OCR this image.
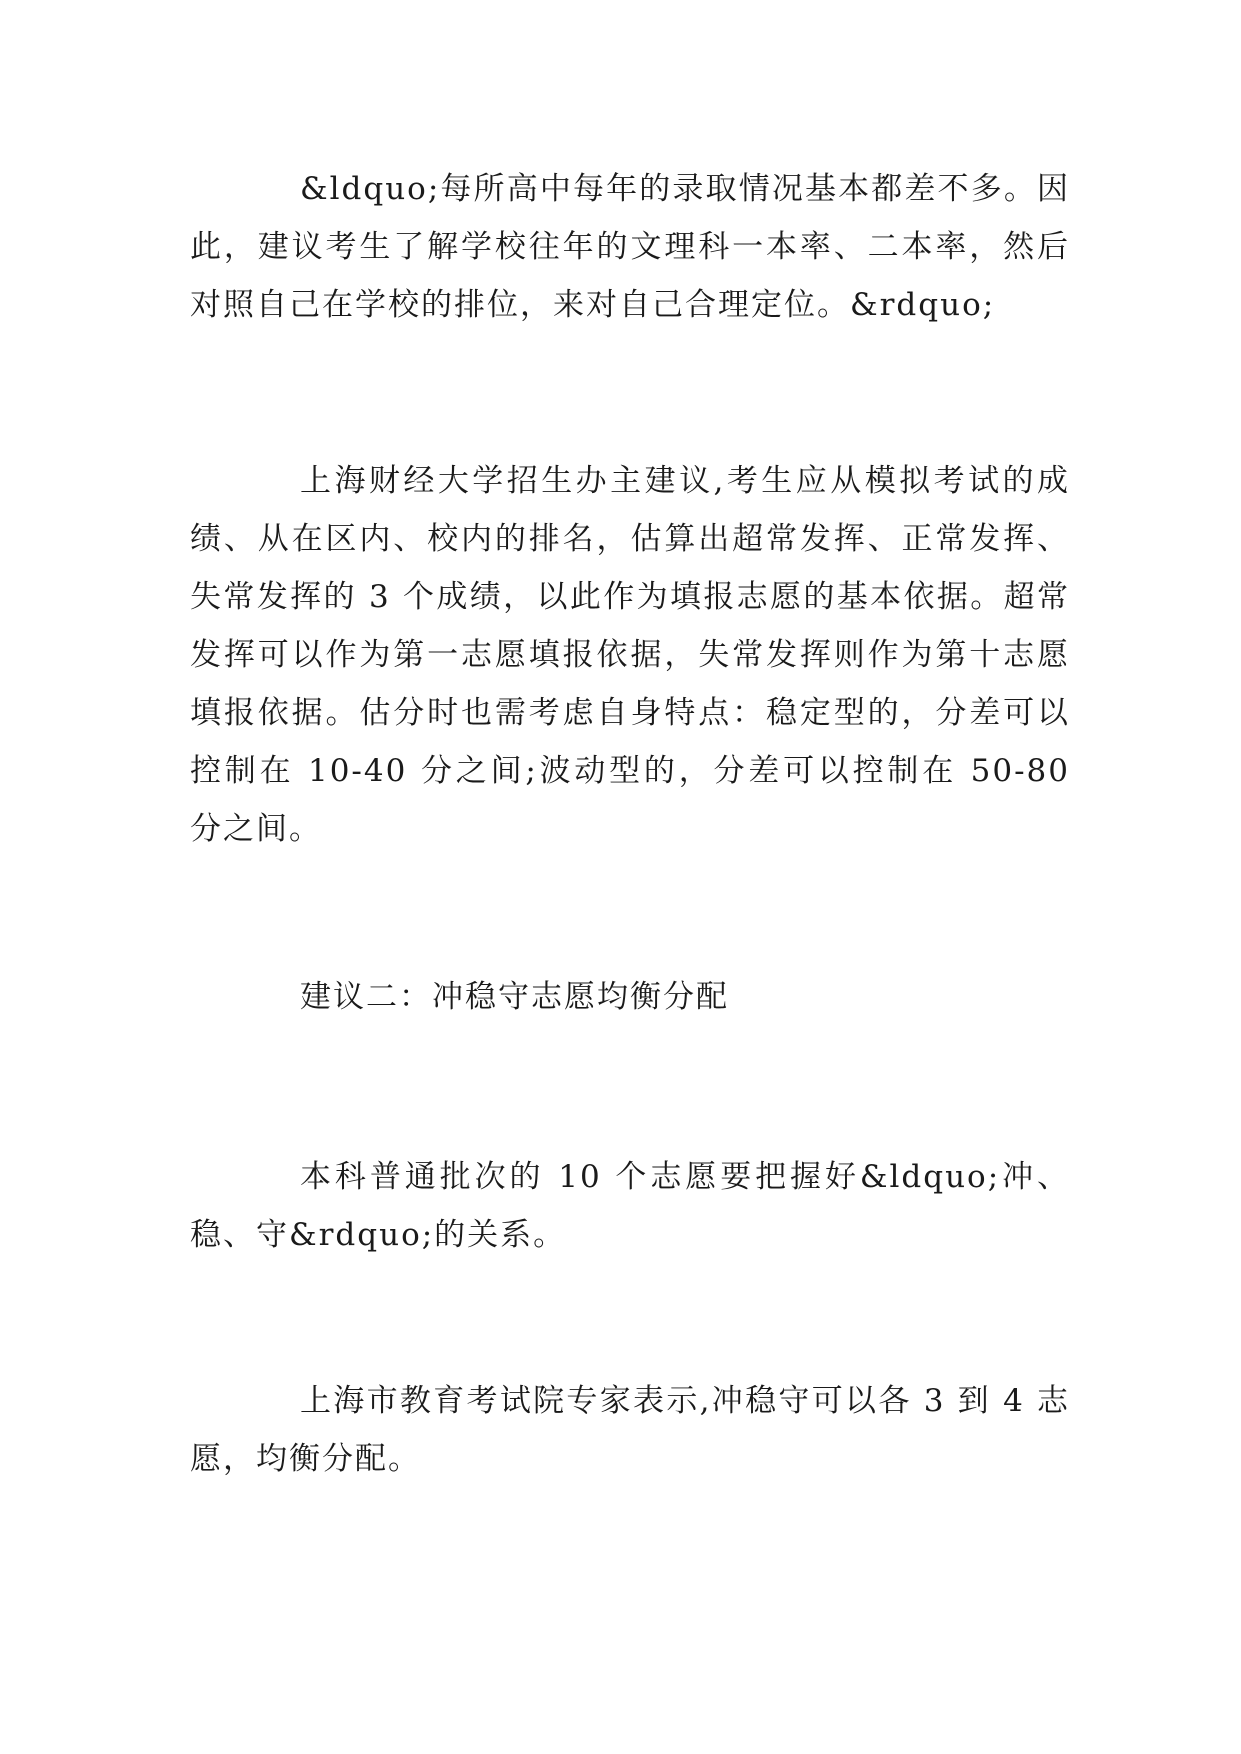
&ldquo;每所高中每年的录取情况基本都差不多。因此，建议考生了解学校往年的文理科一本率、二本率，然后对照自己在学校的排位，来对自己合理定位。&rdquo;

上海财经大学招生办主建议,考生应从模拟考试的成绩、从在区内、校内的排名，估算出超常发挥、正常发挥、失常发挥的 3 个成绩，以此作为填报志愿的基本依据。超常发挥可以作为第一志愿填报依据，失常发挥则作为第十志愿填报依据。估分时也需考虑自身特点：稳定型的，分差可以控制在 10-40 分之间;波动型的，分差可以控制在 50-80 分之间。

建议二：冲稳守志愿均衡分配

本科普通批次的 10 个志愿要把握好&ldquo;冲、稳、守&rdquo;的关系。

上海市教育考试院专家表示,冲稳守可以各 3 到 4 志愿，均衡分配。
